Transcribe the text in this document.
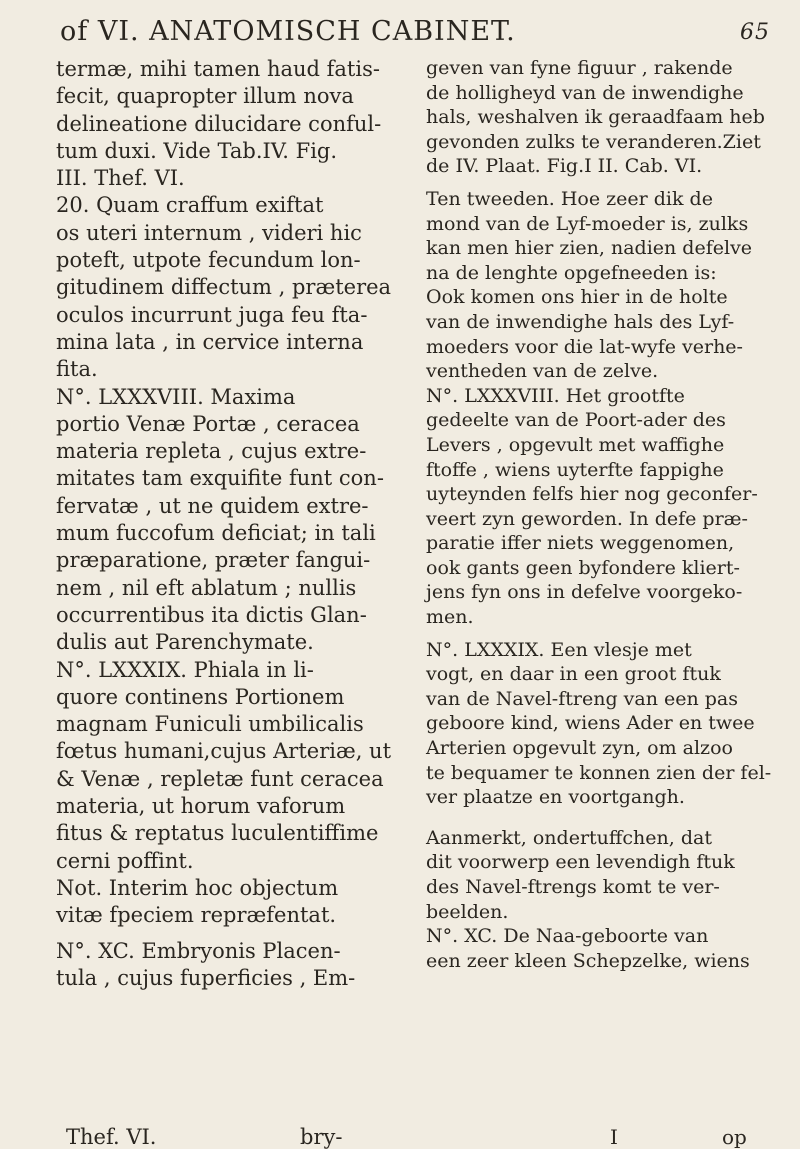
of VI. ANATOMISCH CABINET.	65
termæ, mihi tamen haud fatis-
fecit, quapropter illum nova
delineatione dilucidare conful-
tum duxi. Vide Tab.IV. Fig.
III. Thef. VI.
20. Quam craffum exiftat
os uteri internum , videri hic
poteft, utpote fecundum lon-
gitudinem diffectum , præterea
oculos incurrunt juga feu fta-
mina lata , in cervice interna
fita.
N°. LXXXVIII. Maxima
portio Venæ Portæ , ceracea
materia repleta , cujus extre-
mitates tam exquifite funt con-
fervatæ , ut ne quidem extre-
mum fuccofum deficiat; in tali
præparatione, præter fangui-
nem , nil eft ablatum ; nullis
occurrentibus ita dictis Glan-
dulis aut Parenchymate.
N°. LXXXIX. Phiala in li-
quore continens Portionem
magnam Funiculi umbilicalis
fœtus humani,cujus Arteriæ, ut
& Venæ , repletæ funt ceracea
materia, ut horum vaforum
fitus & reptatus luculentiffime
cerni poffint.
Not. Interim hoc objectum
vitæ fpeciem repræfentat.
N°. XC. Embryonis Placen-
tula , cujus fuperficies , Em-
geven van fyne figuur , rakende
de holligheyd van de inwendighe
hals, weshalven ik geraadfaam heb
gevonden zulks te veranderen.Ziet
de IV. Plaat. Fig.I II. Cab. VI.
Ten tweeden. Hoe zeer dik de
mond van de Lyf-moeder is, zulks
kan men hier zien, nadien defelve
na de lenghte opgefneeden is:
Ook komen ons hier in de holte
van de inwendighe hals des Lyf-
moeders voor die lat-wyfe verhe-
ventheden van de zelve.
N°. LXXXVIII. Het grootfte
gedeelte van de Poort-ader des
Levers , opgevult met waffighe
ftoffe , wiens uyterfte fappighe
uyteynden felfs hier nog geconfer-
veert zyn geworden. In defe præ-
paratie iffer niets weggenomen,
ook gants geen byfondere kliert-
jens fyn ons in defelve voorgeko-
men.
N°. LXXXIX. Een vlesje met
vogt, en daar in een groot ftuk
van de Navel-ftreng van een pas
geboore kind, wiens Ader en twee
Arterien opgevult zyn, om alzoo
te bequamer te konnen zien der fel-
ver plaatze en voortgangh.
Aanmerkt, ondertuffchen, dat
dit voorwerp een levendigh ftuk
des Navel-ftrengs komt te ver-
beelden.
N°. XC. De Naa-geboorte van
een zeer kleen Schepzelke, wiens
Thef. VI.	bry-	I	op
